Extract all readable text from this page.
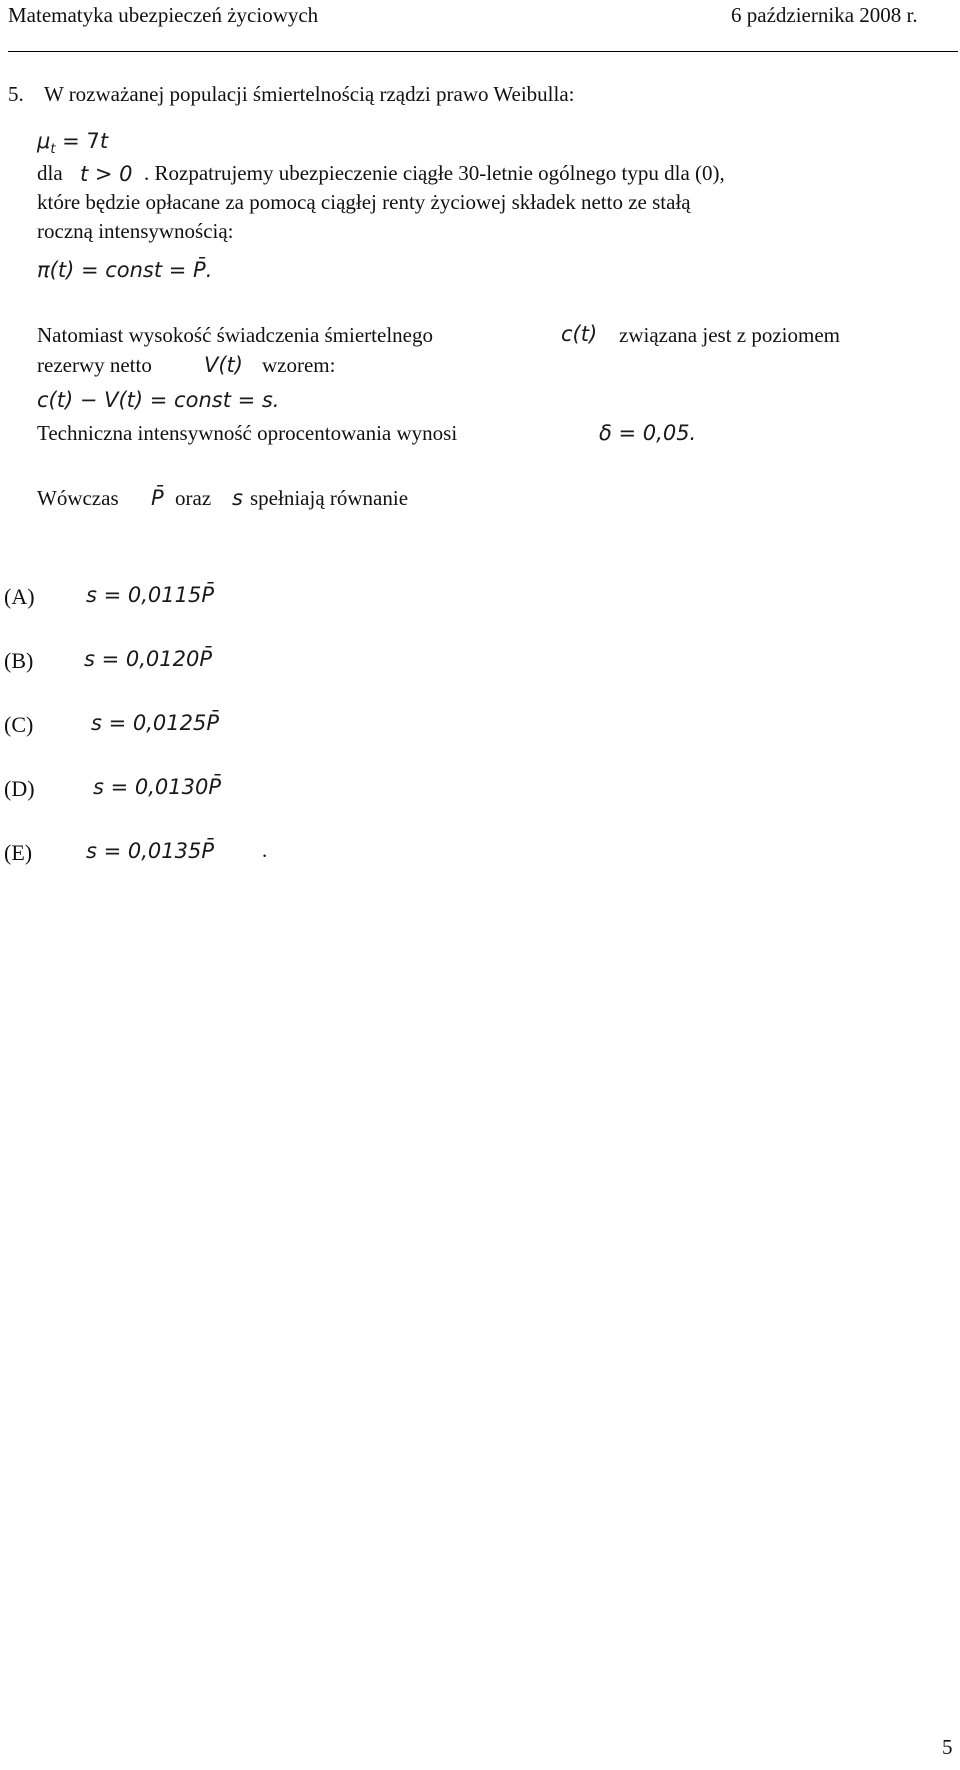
Matematyka ubezpieczeń życiowych	6 października 2008 r.
5. W rozważanej populacji śmiertelnością rządzi prawo Weibulla:
$\mu_t = 7t$
dla t > 0 . Rozpatrujemy ubezpieczenie ciągłe 30-letnie ogólnego typu dla (0),
które będzie opłacane za pomocą ciągłej renty życiowej składek netto ze stałą
roczną intensywnością:
π(t) = const = P̄.
Natomiast wysokość świadczenia śmiertelnego	c(t) związana jest z poziomem
rezerwy netto V(t) wzorem:
c(t) − V(t) = const = s.
Techniczna intensywność oprocentowania wynosi	δ = 0,05.
Wówczas P̄ oraz s spełniają równanie
(A) s = 0,0115P̄
(B) s = 0,0120P̄
(C)	s = 0,0125P̄
(D)	s = 0,0130P̄
(E)	s = 0,0135P̄ .
5
